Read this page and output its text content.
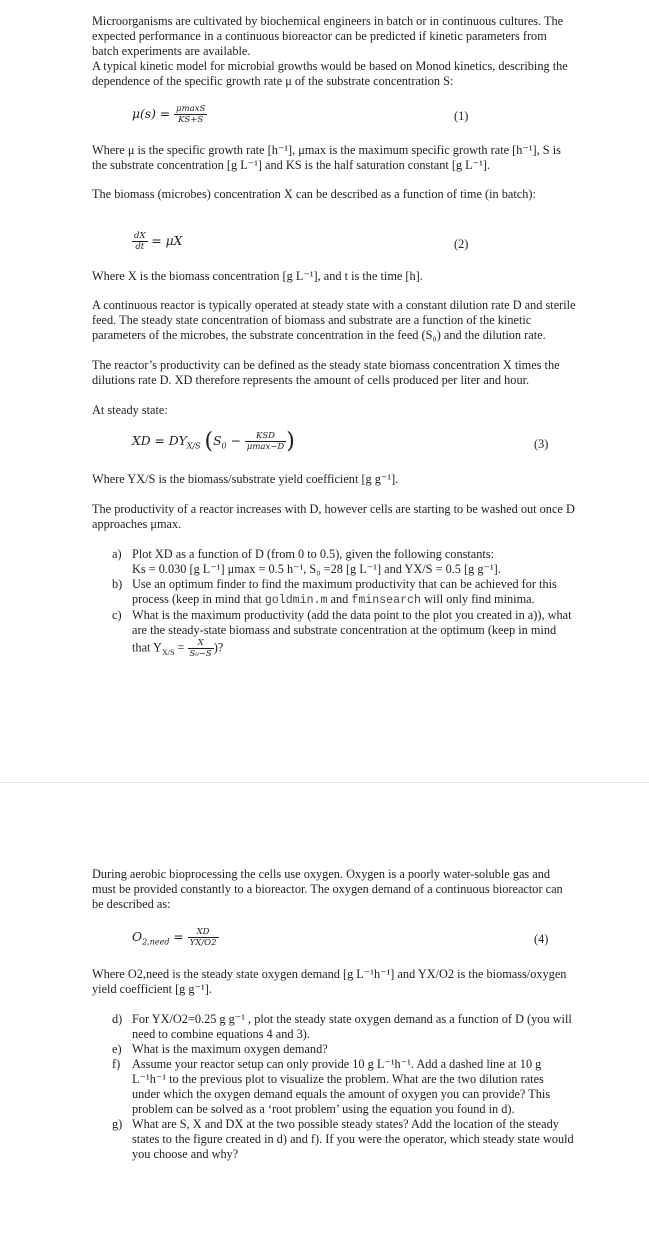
Microorganisms are cultivated by biochemical engineers in batch or in continuous cultures. The expected performance in a continuous bioreactor can be predicted if kinetic parameters from batch experiments are available.

A typical kinetic model for microbial growths would be based on Monod kinetics, describing the dependence of the specific growth rate μ of the substrate concentration S:

$\mu(s) = \frac{\mu\max S}{KS+S}$	(1)

Where μ is the specific growth rate [h⁻¹], μmax is the maximum specific growth rate [h⁻¹], S is the substrate concentration [g L⁻¹] and KS is the half saturation constant [g L⁻¹].

The biomass (microbes) concentration X can be described as a function of time (in batch):

$\frac{dX}{dt} = \mu X$	(2)

Where X is the biomass concentration [g L⁻¹], and t is the time [h].

A continuous reactor is typically operated at steady state with a constant dilution rate D and sterile feed. The steady state concentration of biomass and substrate are a function of the kinetic parameters of the microbes, the substrate concentration in the feed (S₀) and the dilution rate.

The reactor’s productivity can be defined as the steady state biomass concentration X times the dilutions rate D. XD therefore represents the amount of cells produced per liter and hour.

At steady state:

XD = $DY_{X/S}$ ($S_0 - \frac{\text{KSD}}{\mu\max-D}$ )	(3)

Where YX/S is the biomass/substrate yield coefficient [g g⁻¹].

The productivity of a reactor increases with D, however cells are starting to be washed out once D approaches μmax.

a) Plot XD as a function of D (from 0 to 0.5), given the following constants:
Ks = 0.030 [g L⁻¹] μmax = 0.5 h⁻¹, S₀ =28 [g L⁻¹] and YX/S = 0.5 [g g⁻¹].
b) Use an optimum finder to find the maximum productivity that can be achieved for this process (keep in mind that goldmin.m and fminsearch will only find minima.
c) What is the maximum productivity (add the data point to the plot you created in a)), what are the steady-state biomass and substrate concentration at the optimum (keep in mind that $Y_{X/S} = \frac{X}{\text{S₀−S}}$ )?

During aerobic bioprocessing the cells use oxygen. Oxygen is a poorly water-soluble gas and must be provided constantly to a bioreactor. The oxygen demand of a continuous bioreactor can be described as:

$O_{2,need} = \frac{XD}{YX/O2}$	(4)

Where O2,need is the steady state oxygen demand [g L⁻¹h⁻¹] and YX/O2 is the biomass/oxygen yield coefficient [g g⁻¹].

d) For YX/O2=0.25 g g⁻¹ , plot the steady state oxygen demand as a function of D (you will need to combine equations 4 and 3).
e) What is the maximum oxygen demand?
f) Assume your reactor setup can only provide 10 g L⁻¹h⁻¹. Add a dashed line at 10 g L⁻¹h⁻¹ to the previous plot to visualize the problem. What are the two dilution rates under which the oxygen demand equals the amount of oxygen you can provide? This problem can be solved as a ‘root problem’ using the equation you found in d).
g) What are S, X and DX at the two possible steady states? Add the location of the steady states to the figure created in d) and f). If you were the operator, which steady state would you choose and why?
